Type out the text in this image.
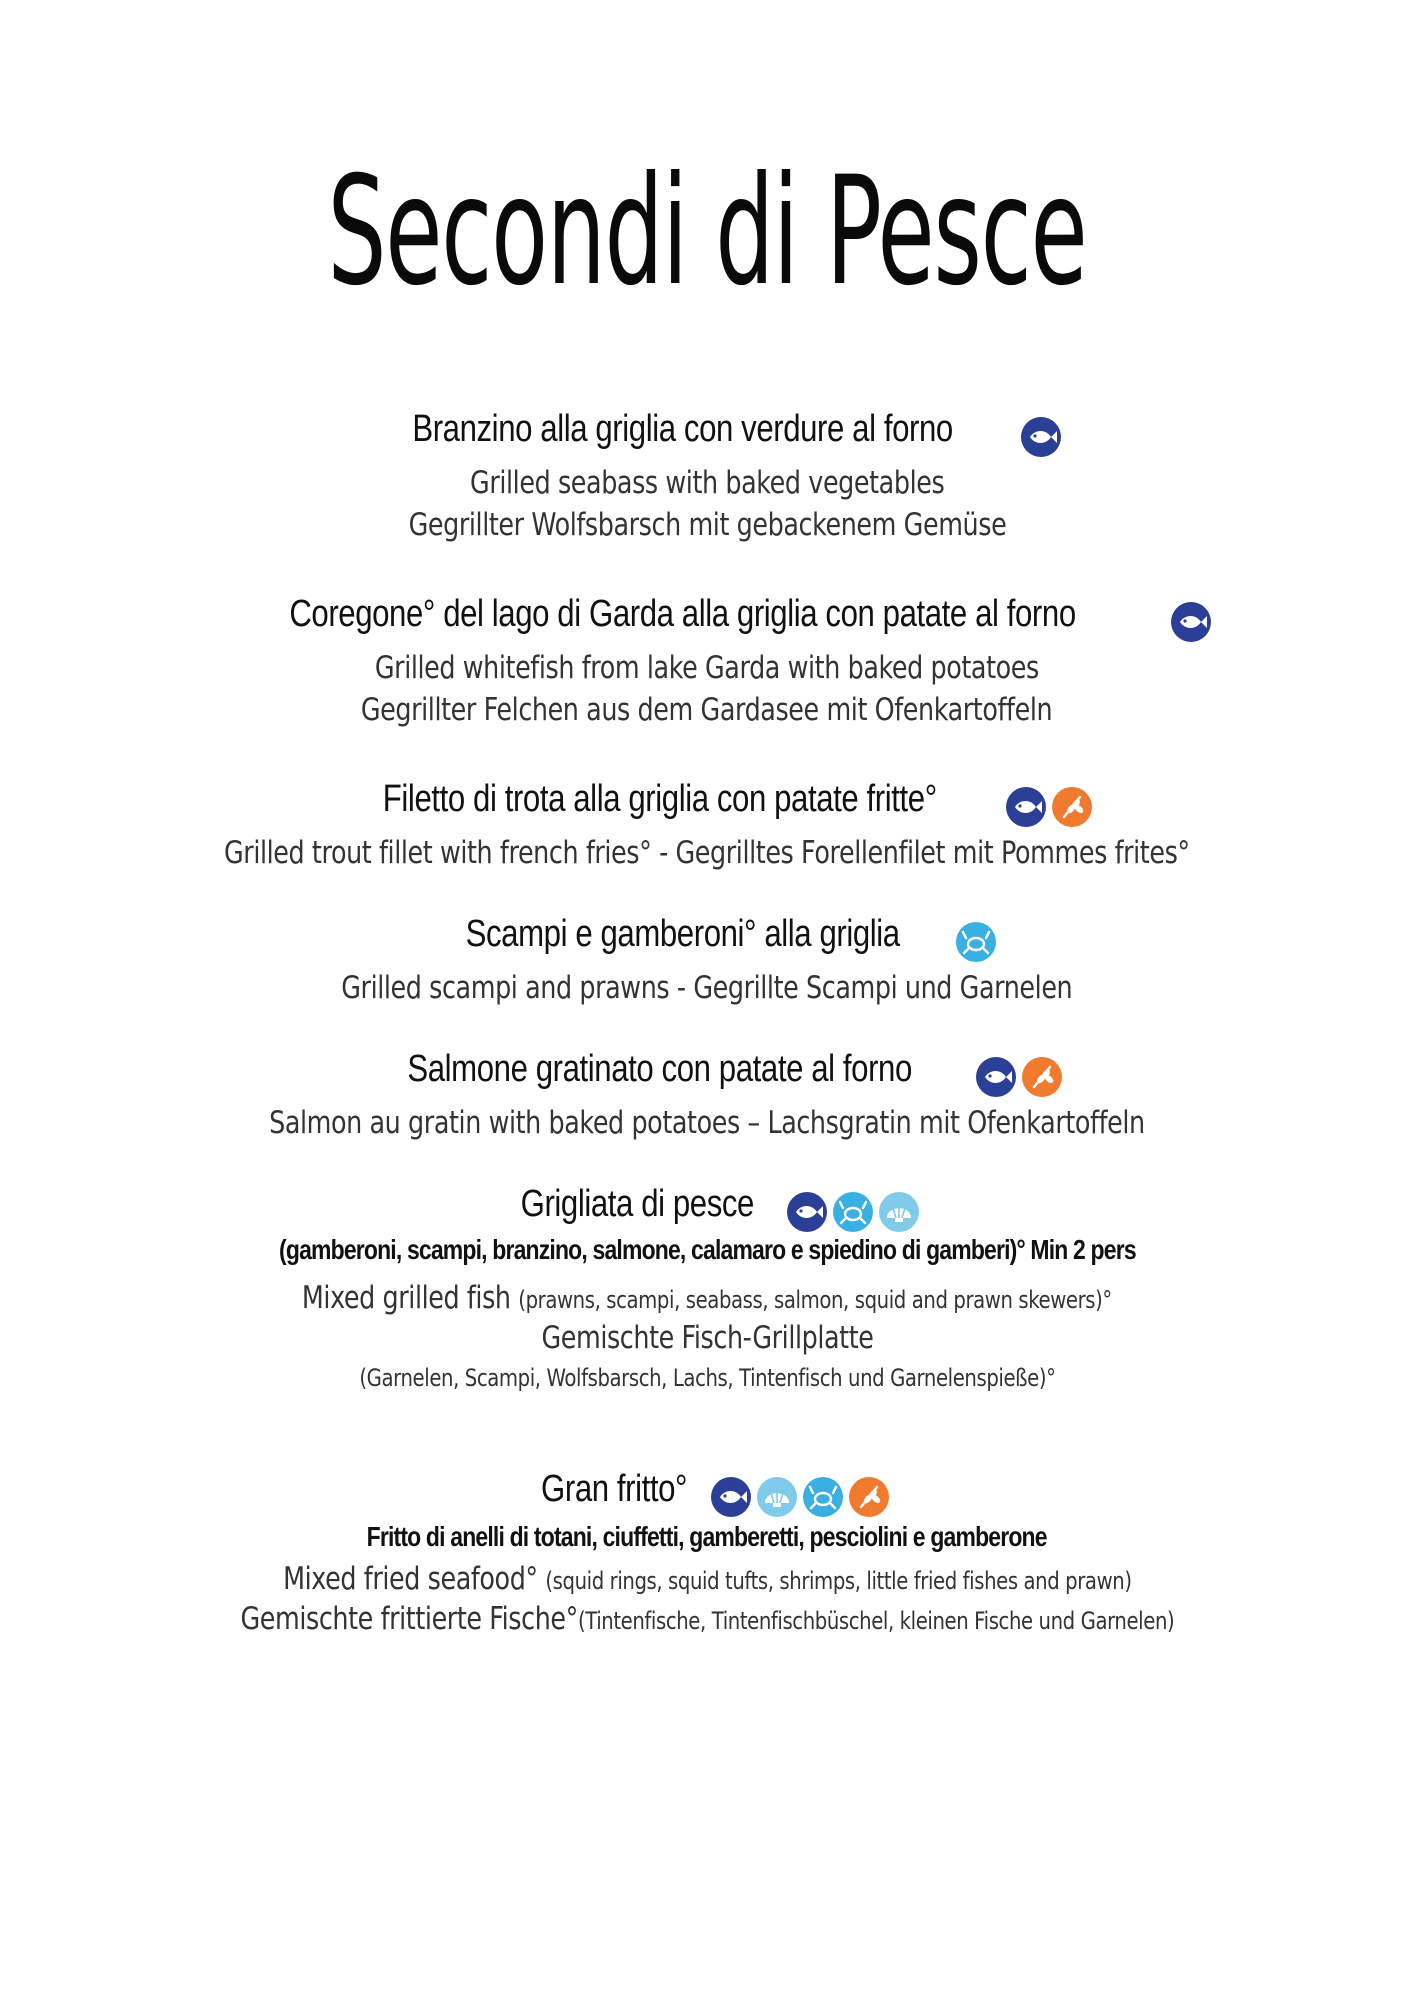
Secondi di Pesce
Branzino alla griglia con verdure al forno
Grilled seabass with baked vegetables
Gegrillter Wolfsbarsch mit gebackenem Gemüse
Coregone° del lago di Garda alla griglia con patate al forno
Grilled whitefish from lake Garda with baked potatoes
Gegrillter Felchen aus dem Gardasee mit Ofenkartoffeln
Filetto di trota alla griglia con patate fritte°
Grilled trout fillet with french fries° - Gegrilltes Forellenfilet mit Pommes frites°
Scampi e gamberoni° alla griglia
Grilled scampi and prawns - Gegrillte Scampi und Garnelen
Salmone gratinato con patate al forno
Salmon au gratin with baked potatoes – Lachsgratin mit Ofenkartoffeln
Grigliata di pesce
(gamberoni, scampi, branzino, salmone, calamaro e spiedino di gamberi)° Min 2 pers
Mixed grilled fish (prawns, scampi, seabass, salmon, squid and prawn skewers)°
Gemischte Fisch-Grillplatte
(Garnelen, Scampi, Wolfsbarsch, Lachs, Tintenfisch und Garnelenspieße)°
Gran fritto°
Fritto di anelli di totani, ciuffetti, gamberetti, pesciolini e gamberone
Mixed fried seafood° (squid rings, squid tufts, shrimps, little fried fishes and prawn)
Gemischte frittierte Fische°(Tintenfische, Tintenfischbüschel, kleinen Fische und Garnelen)
